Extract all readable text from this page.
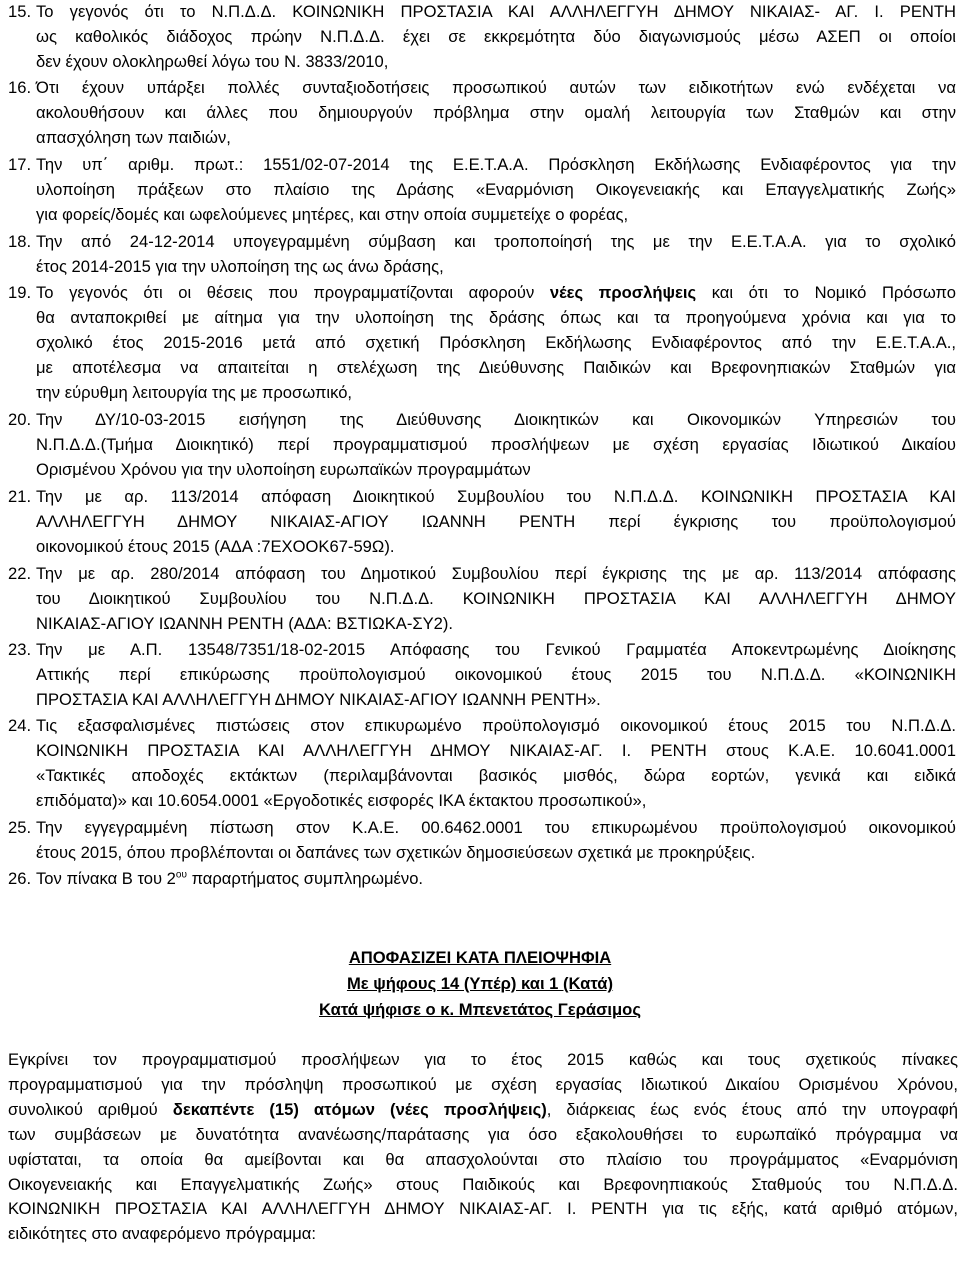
15. Το γεγονός ότι το Ν.Π.Δ.Δ. ΚΟΙΝΩΝΙΚΗ ΠΡΟΣΤΑΣΙΑ ΚΑΙ ΑΛΛΗΛΕΓΓΥΗ ΔΗΜΟΥ ΝΙΚΑΙΑΣ- ΑΓ. Ι. ΡΕΝΤΗ
ως καθολικός διάδοχος πρώην Ν.Π.Δ.Δ. έχει σε εκκρεμότητα δύο διαγωνισμούς μέσω ΑΣΕΠ οι οποίοι
δεν έχουν ολοκληρωθεί λόγω του Ν. 3833/2010,
16. Ότι έχουν υπάρξει πολλές συνταξιοδοτήσεις προσωπικού αυτών των ειδικοτήτων ενώ ενδέχεται να
ακολουθήσουν και άλλες που δημιουργούν πρόβλημα στην ομαλή λειτουργία των Σταθμών και στην
απασχόληση των παιδιών,
17. Την υπ΄ αριθμ. πρωτ.: 1551/02-07-2014 της Ε.Ε.Τ.Α.Α. Πρόσκληση Εκδήλωσης Ενδιαφέροντος για την
υλοποίηση πράξεων στο πλαίσιο της Δράσης «Εναρμόνιση Οικογενειακής και Επαγγελματικής Ζωής»
για φορείς/δομές και ωφελούμενες μητέρες, και στην οποία συμμετείχε ο φορέας,
18. Την από 24-12-2014 υπογεγραμμένη σύμβαση και τροποποίησή της με την Ε.Ε.Τ.Α.Α. για το σχολικό
έτος 2014-2015 για την υλοποίηση της ως άνω δράσης,
19. Το γεγονός ότι οι θέσεις που προγραμματίζονται αφορούν νέες προσλήψεις και ότι το Νομικό Πρόσωπο
θα ανταποκριθεί με αίτημα για την υλοποίηση της δράσης όπως και τα προηγούμενα χρόνια και για το
σχολικό έτος 2015-2016 μετά από σχετική Πρόσκληση Εκδήλωσης Ενδιαφέροντος από την Ε.Ε.Τ.Α.Α.,
με αποτέλεσμα να απαιτείται η στελέχωση της Διεύθυνσης Παιδικών και Βρεφονηπιακών Σταθμών για
την εύρυθμη λειτουργία της με προσωπικό,
20. Την ΔΥ/10-03-2015 εισήγηση της Διεύθυνσης Διοικητικών και Οικονομικών Υπηρεσιών του
Ν.Π.Δ.Δ.(Τμήμα Διοικητικό) περί προγραμματισμού προσλήψεων με σχέση εργασίας Ιδιωτικού Δικαίου
Ορισμένου Χρόνου για την υλοποίηση ευρωπαϊκών προγραμμάτων
21. Την με αρ. 113/2014 απόφαση Διοικητικού Συμβουλίου του Ν.Π.Δ.Δ. ΚΟΙΝΩΝΙΚΗ ΠΡΟΣΤΑΣΙΑ ΚΑΙ
ΑΛΛΗΛΕΓΓΥΗ ΔΗΜΟΥ ΝΙΚΑΙΑΣ-ΑΓΙΟΥ ΙΩΑΝΝΗ ΡΕΝΤΗ περί έγκρισης του προϋπολογισμού
οικονομικού έτους 2015 (ΑΔΑ :7ΕΧΟΟΚ67-59Ω).
22. Την με αρ. 280/2014 απόφαση του Δημοτικού Συμβουλίου περί έγκρισης της με αρ. 113/2014 απόφασης
του Διοικητικού Συμβουλίου του Ν.Π.Δ.Δ. ΚΟΙΝΩΝΙΚΗ ΠΡΟΣΤΑΣΙΑ ΚΑΙ ΑΛΛΗΛΕΓΓΥΗ ΔΗΜΟΥ
ΝΙΚΑΙΑΣ-ΑΓΙΟΥ ΙΩΑΝΝΗ ΡΕΝΤΗ (ΑΔΑ: ΒΣΤΙΩΚΑ-ΣΥ2).
23. Την με Α.Π. 13548/7351/18-02-2015 Απόφασης του Γενικού Γραμματέα Αποκεντρωμένης Διοίκησης
Αττικής περί επικύρωσης προϋπολογισμού οικονομικού έτους 2015 του Ν.Π.Δ.Δ. «ΚΟΙΝΩΝΙΚΗ
ΠΡΟΣΤΑΣΙΑ ΚΑΙ ΑΛΛΗΛΕΓΓΥΗ ΔΗΜΟΥ ΝΙΚΑΙΑΣ-ΑΓΙΟΥ ΙΩΑΝΝΗ ΡΕΝΤΗ».
24. Τις εξασφαλισμένες πιστώσεις στον επικυρωμένο προϋπολογισμό οικονομικού έτους 2015 του Ν.Π.Δ.Δ.
ΚΟΙΝΩΝΙΚΗ ΠΡΟΣΤΑΣΙΑ ΚΑΙ ΑΛΛΗΛΕΓΓΥΗ ΔΗΜΟΥ ΝΙΚΑΙΑΣ-ΑΓ. Ι. ΡΕΝΤΗ στους Κ.Α.Ε. 10.6041.0001
«Τακτικές αποδοχές εκτάκτων (περιλαμβάνονται βασικός μισθός, δώρα εορτών, γενικά και ειδικά
επιδόματα)» και 10.6054.0001 «Εργοδοτικές εισφορές ΙΚΑ έκτακτου προσωπικού»,
25. Την εγγεγραμμένη πίστωση στον Κ.Α.Ε. 00.6462.0001 του επικυρωμένου προϋπολογισμού οικονομικού
έτους 2015, όπου προβλέπονται οι δαπάνες των σχετικών δημοσιεύσεων σχετικά με προκηρύξεις.
26. Τον πίνακα Β του $2^{o\upsilon}$ παραρτήματος συμπληρωμένο.
ΑΠΟΦΑΣΙΖΕΙ ΚΑΤΑ ΠΛΕΙΟΨΗΦΙΑ
Με ψήφους 14 (Υπέρ) και 1 (Κατά)
Κατά ψήφισε ο κ. Μπενετάτος Γεράσιμος
Εγκρίνει τον προγραμματισμού προσλήψεων για το έτος 2015 καθώς και τους σχετικούς πίνακες
προγραμματισμού για την πρόσληψη προσωπικού με σχέση εργασίας Ιδιωτικού Δικαίου Ορισμένου Χρόνου,
συνολικού αριθμού δεκαπέντε (15) ατόμων (νέες προσλήψεις), διάρκειας έως ενός έτους από την υπογραφή
των συμβάσεων με δυνατότητα ανανέωσης/παράτασης για όσο εξακολουθήσει το ευρωπαϊκό πρόγραμμα να
υφίσταται, τα οποία θα αμείβονται και θα απασχολούνται στο πλαίσιο του προγράμματος «Εναρμόνιση
Οικογενειακής και Επαγγελματικής Ζωής» στους Παιδικούς και Βρεφονηπιακούς Σταθμούς του Ν.Π.Δ.Δ.
ΚΟΙΝΩΝΙΚΗ ΠΡΟΣΤΑΣΙΑ ΚΑΙ ΑΛΛΗΛΕΓΓΥΗ ΔΗΜΟΥ ΝΙΚΑΙΑΣ-ΑΓ. Ι. ΡΕΝΤΗ για τις εξής, κατά αριθμό ατόμων,
ειδικότητες στο αναφερόμενο πρόγραμμα:
